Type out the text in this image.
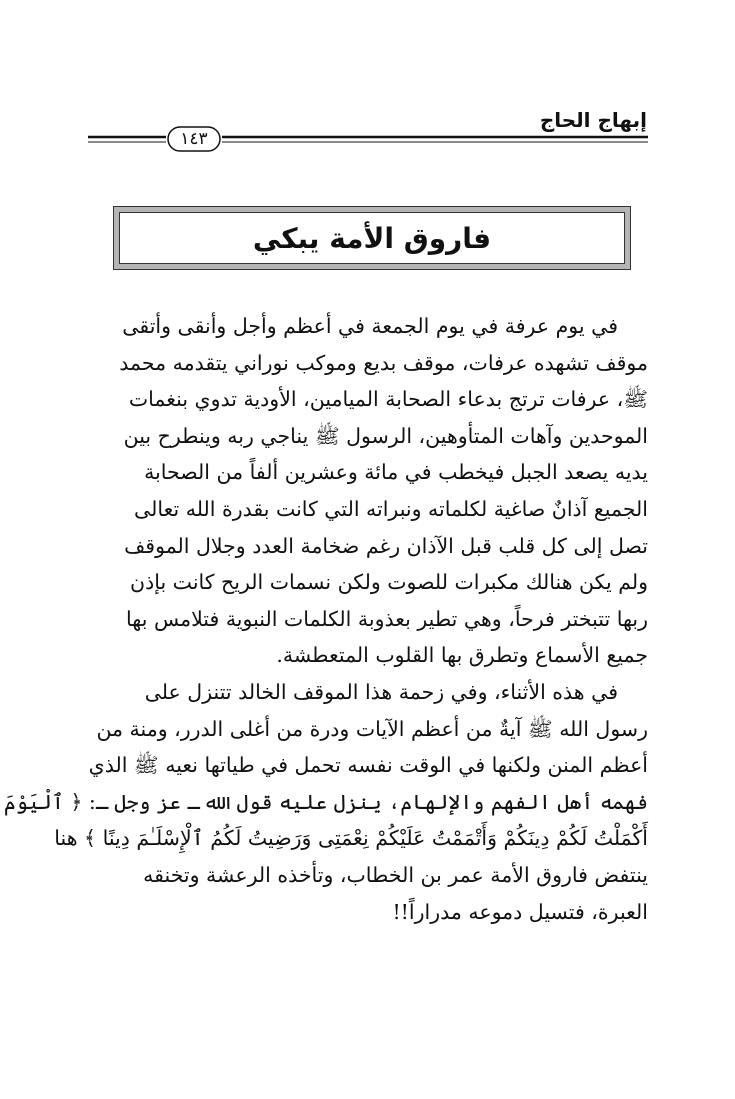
إبهاج الحاج
١٤٣
فاروق الأمة يبكي
في يوم عرفة في يوم الجمعة في أعظم وأجل وأنقى وأتقى
موقف تشهده عرفات، موقف بديع وموكب نوراني يتقدمه محمد
ﷺ، عرفات ترتج بدعاء الصحابة الميامين، الأودية تدوي بنغمات
الموحدين وآهات المتأوهين، الرسول ﷺ يناجي ربه وينطرح بين
يديه يصعد الجبل فيخطب في مائة وعشرين ألفاً من الصحابة
الجميع آذانٌ صاغية لكلماته ونبراته التي كانت بقدرة الله تعالى
تصل إلى كل قلب قبل الآذان رغم ضخامة العدد وجلال الموقف
ولم يكن هنالك مكبرات للصوت ولكن نسمات الريح كانت بإذن
ربها تتبختر فرحاً، وهي تطير بعذوبة الكلمات النبوية فتلامس بها
جميع الأسماع وتطرق بها القلوب المتعطشة.
في هذه الأثناء، وفي زحمة هذا الموقف الخالد تتنزل على
رسول الله ﷺ آيةٌ من أعظم الآيات ودرة من أغلى الدرر، ومنة من
أعظم المنن ولكنها في الوقت نفسه تحمل في طياتها نعيه ﷺ الذي
فهمه أهل الفهم والإلهام، ينزل عليه قول الله ـ عز وجل ـ: ﴿ ٱلْيَوْمَ
أَكْمَلْتُ لَكُمْ دِينَكُمْ وَأَتْمَمْتُ عَلَيْكُمْ نِعْمَتِى وَرَضِيتُ لَكُمُ ٱلْإِسْلَـٰمَ دِينًا ﴾ هنا
ينتفض فاروق الأمة عمر بن الخطاب، وتأخذه الرعشة وتخنقه
العبرة، فتسيل دموعه مدراراً!!
